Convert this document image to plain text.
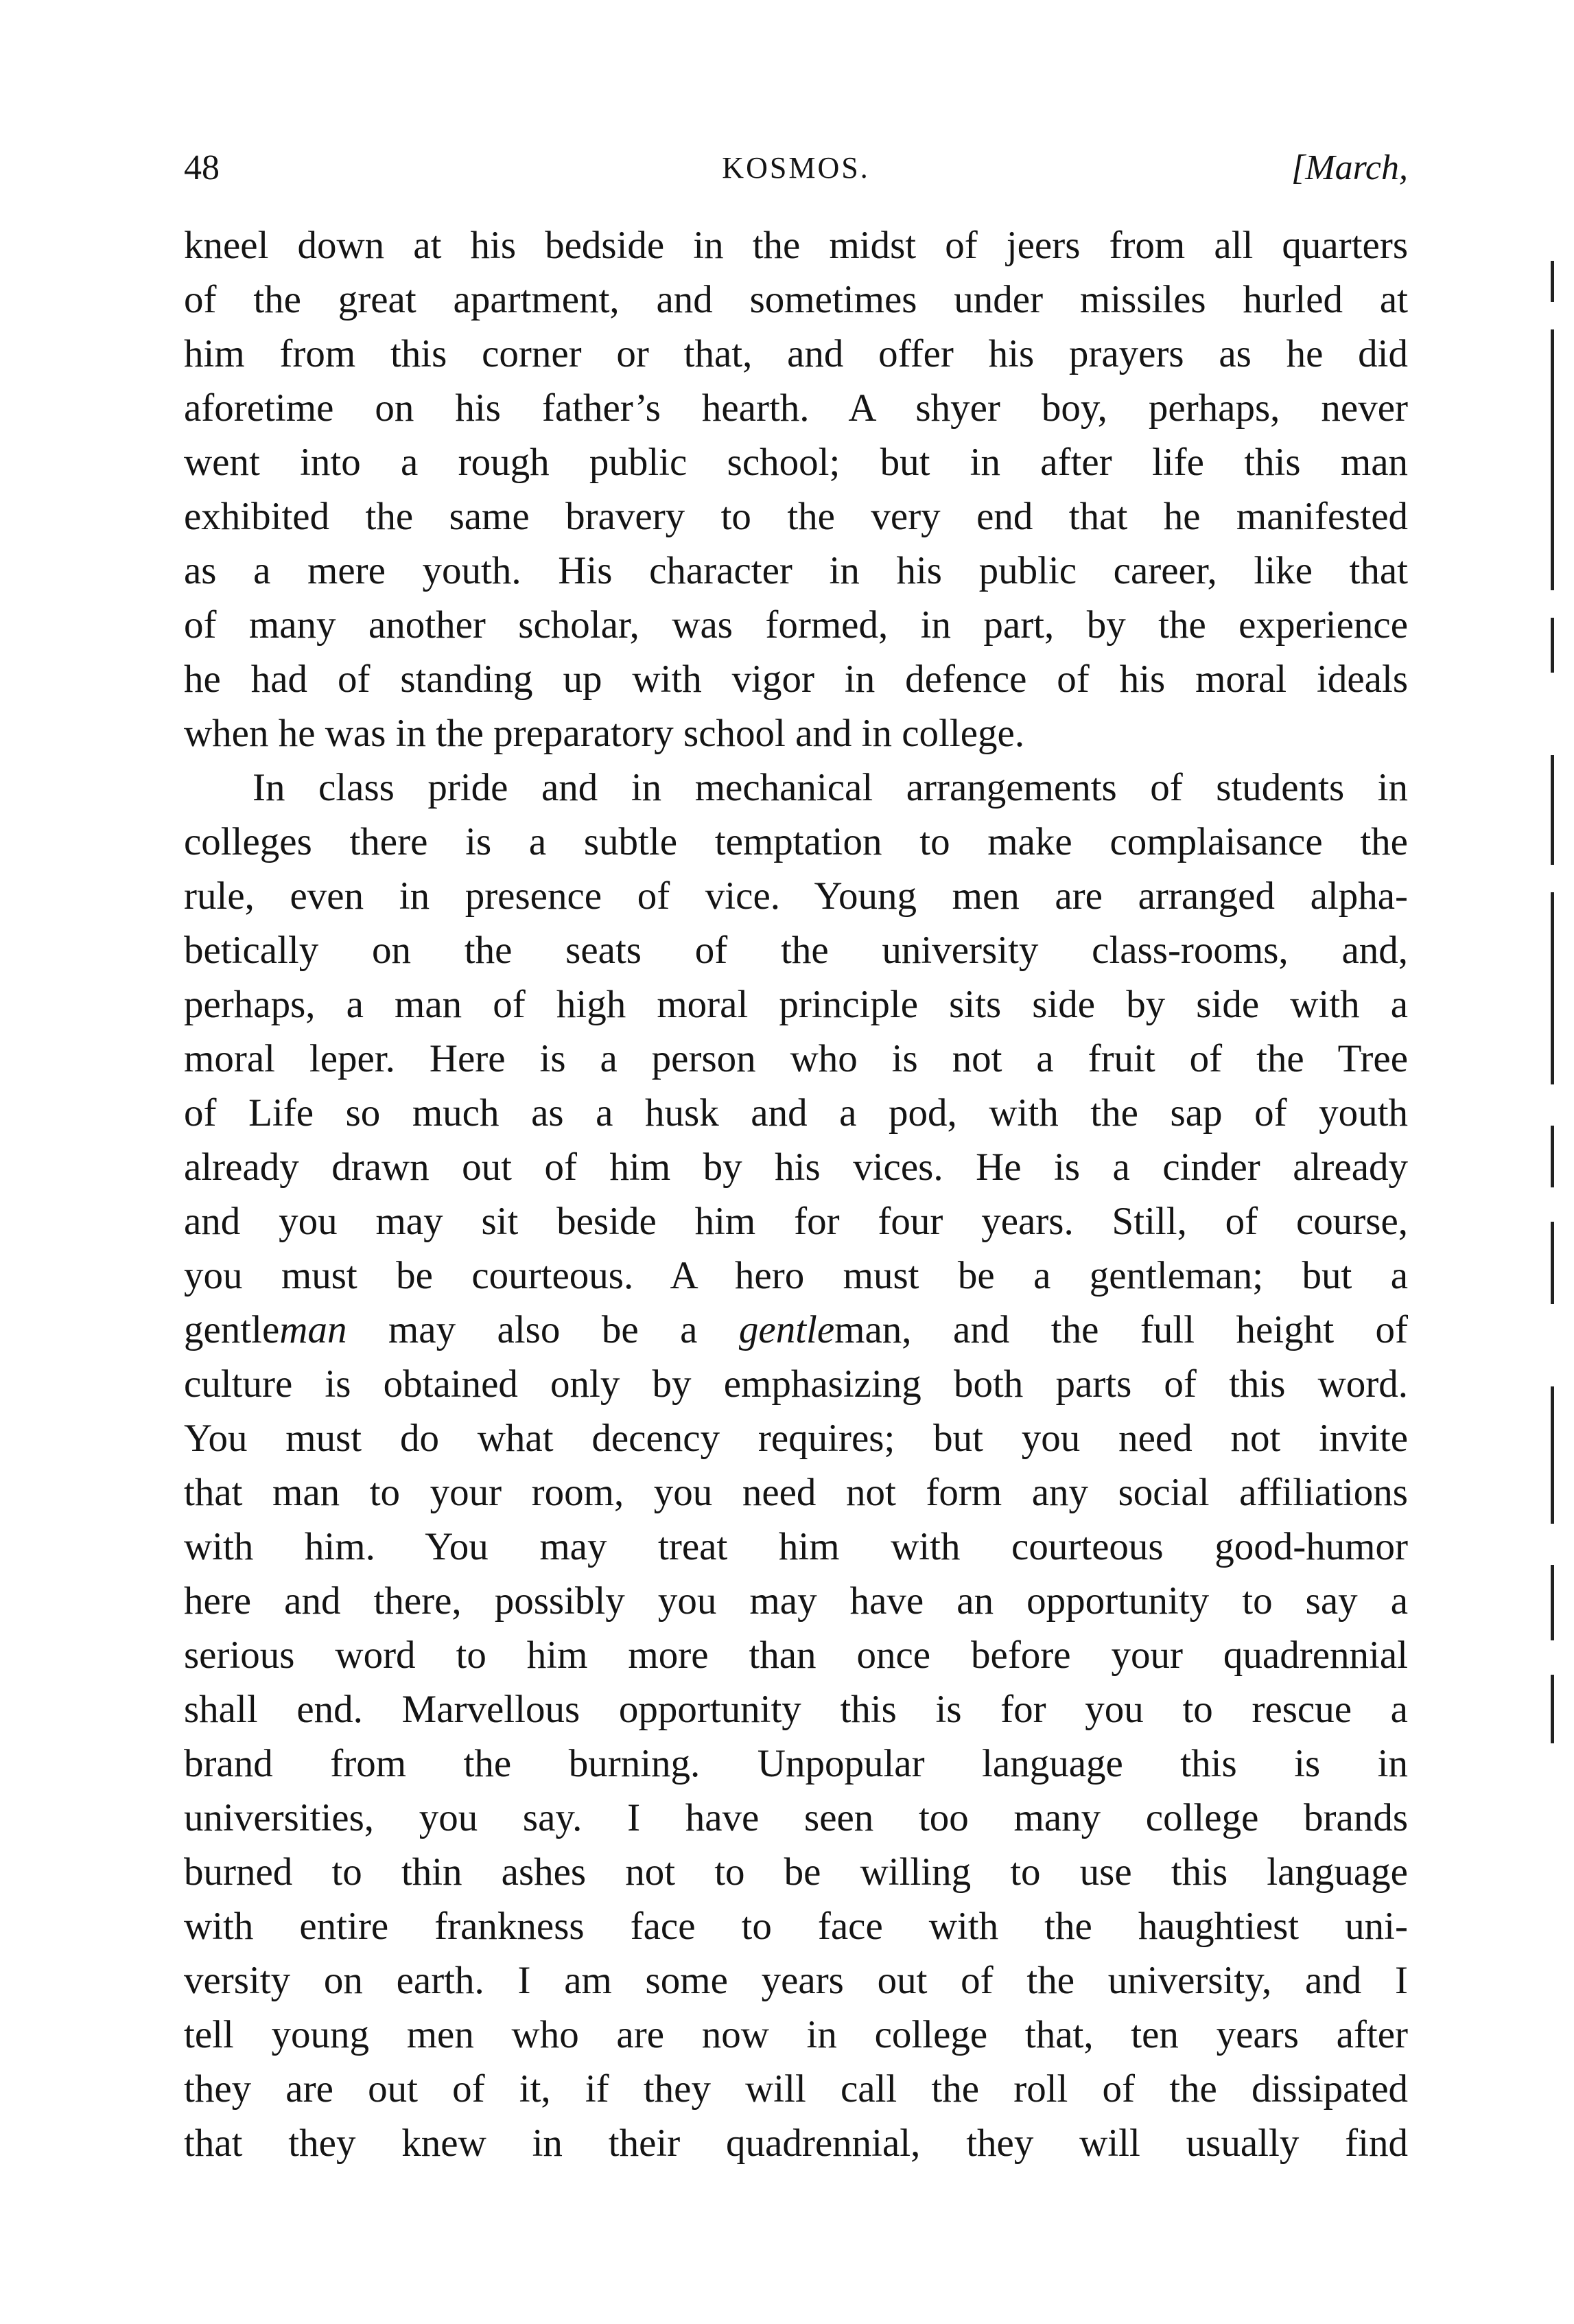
48	KOSMOS.	[March,
kneel down at his bedside in the midst of jeers from all quarters
of the great apartment, and sometimes under missiles hurled at
him from this corner or that, and offer his prayers as he did
aforetime on his father’s hearth. A shyer boy, perhaps, never
went into a rough public school; but in after life this man
exhibited the same bravery to the very end that he manifested
as a mere youth. His character in his public career, like that
of many another scholar, was formed, in part, by the experience
he had of standing up with vigor in defence of his moral ideals
when he was in the preparatory school and in college.
In class pride and in mechanical arrangements of students in
colleges there is a subtle temptation to make complaisance the
rule, even in presence of vice. Young men are arranged alpha-
betically on the seats of the university class-rooms, and,
perhaps, a man of high moral principle sits side by side with a
moral leper. Here is a person who is not a fruit of the Tree
of Life so much as a husk and a pod, with the sap of youth
already drawn out of him by his vices. He is a cinder already
and you may sit beside him for four years. Still, of course,
you must be courteous. A hero must be a gentleman; but a
gentleman may also be a gentleman, and the full height of
culture is obtained only by emphasizing both parts of this word.
You must do what decency requires; but you need not invite
that man to your room, you need not form any social affiliations
with him. You may treat him with courteous good-humor
here and there, possibly you may have an opportunity to say a
serious word to him more than once before your quadrennial
shall end. Marvellous opportunity this is for you to rescue a
brand from the burning. Unpopular language this is in
universities, you say. I have seen too many college brands
burned to thin ashes not to be willing to use this language
with entire frankness face to face with the haughtiest uni-
versity on earth. I am some years out of the university, and I
tell young men who are now in college that, ten years after
they are out of it, if they will call the roll of the dissipated
that they knew in their quadrennial, they will usually find
